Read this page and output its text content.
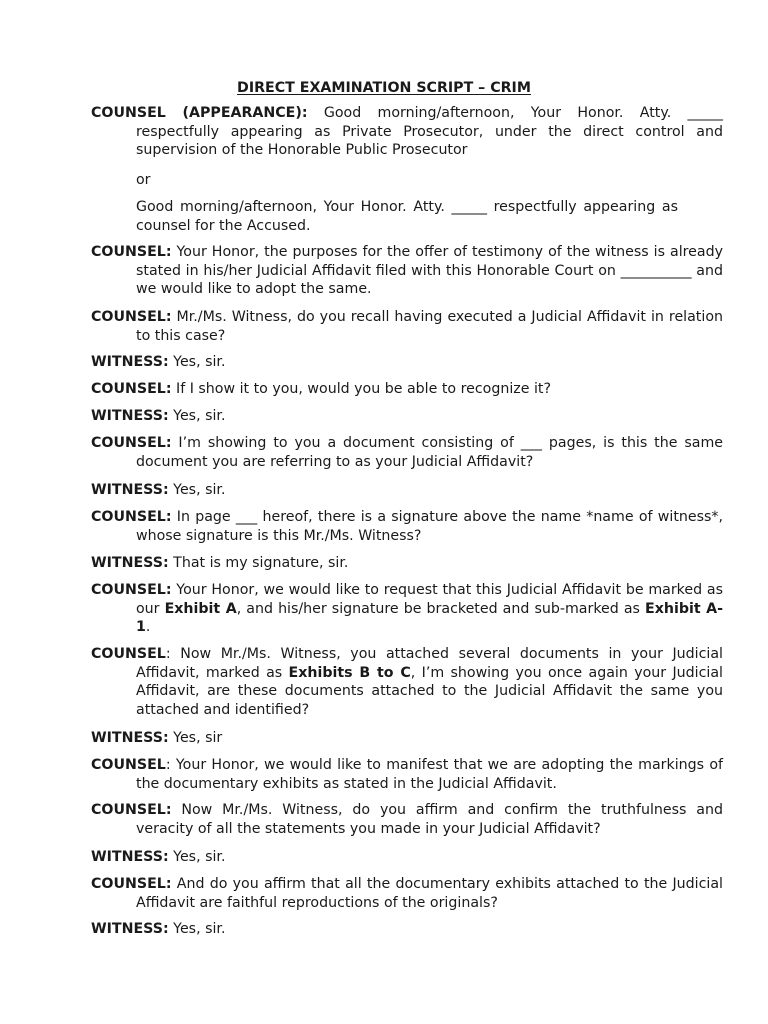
DIRECT EXAMINATION SCRIPT – CRIM
COUNSEL (APPEARANCE): Good morning/afternoon, Your Honor. Atty. _____ respectfully appearing as Private Prosecutor, under the direct control and supervision of the Honorable Public Prosecutor
or
Good morning/afternoon, Your Honor. Atty. _____ respectfully appearing as counsel for the Accused.
COUNSEL: Your Honor, the purposes for the offer of testimony of the witness is already stated in his/her Judicial Affidavit filed with this Honorable Court on __________ and we would like to adopt the same.
COUNSEL: Mr./Ms. Witness, do you recall having executed a Judicial Affidavit in relation to this case?
WITNESS: Yes, sir.
COUNSEL: If I show it to you, would you be able to recognize it?
WITNESS: Yes, sir.
COUNSEL: I’m showing to you a document consisting of ___ pages, is this the same document you are referring to as your Judicial Affidavit?
WITNESS: Yes, sir.
COUNSEL: In page ___ hereof, there is a signature above the name *name of witness*, whose signature is this Mr./Ms. Witness?
WITNESS: That is my signature, sir.
COUNSEL: Your Honor, we would like to request that this Judicial Affidavit be marked as our Exhibit A, and his/her signature be bracketed and sub-marked as Exhibit A-1.
COUNSEL: Now Mr./Ms. Witness, you attached several documents in your Judicial Affidavit, marked as Exhibits B to C, I’m showing you once again your Judicial Affidavit, are these documents attached to the Judicial Affidavit the same you attached and identified?
WITNESS: Yes, sir
COUNSEL: Your Honor, we would like to manifest that we are adopting the markings of the documentary exhibits as stated in the Judicial Affidavit.
COUNSEL: Now Mr./Ms. Witness, do you affirm and confirm the truthfulness and veracity of all the statements you made in your Judicial Affidavit?
WITNESS: Yes, sir.
COUNSEL: And do you affirm that all the documentary exhibits attached to the Judicial Affidavit are faithful reproductions of the originals?
WITNESS: Yes, sir.
